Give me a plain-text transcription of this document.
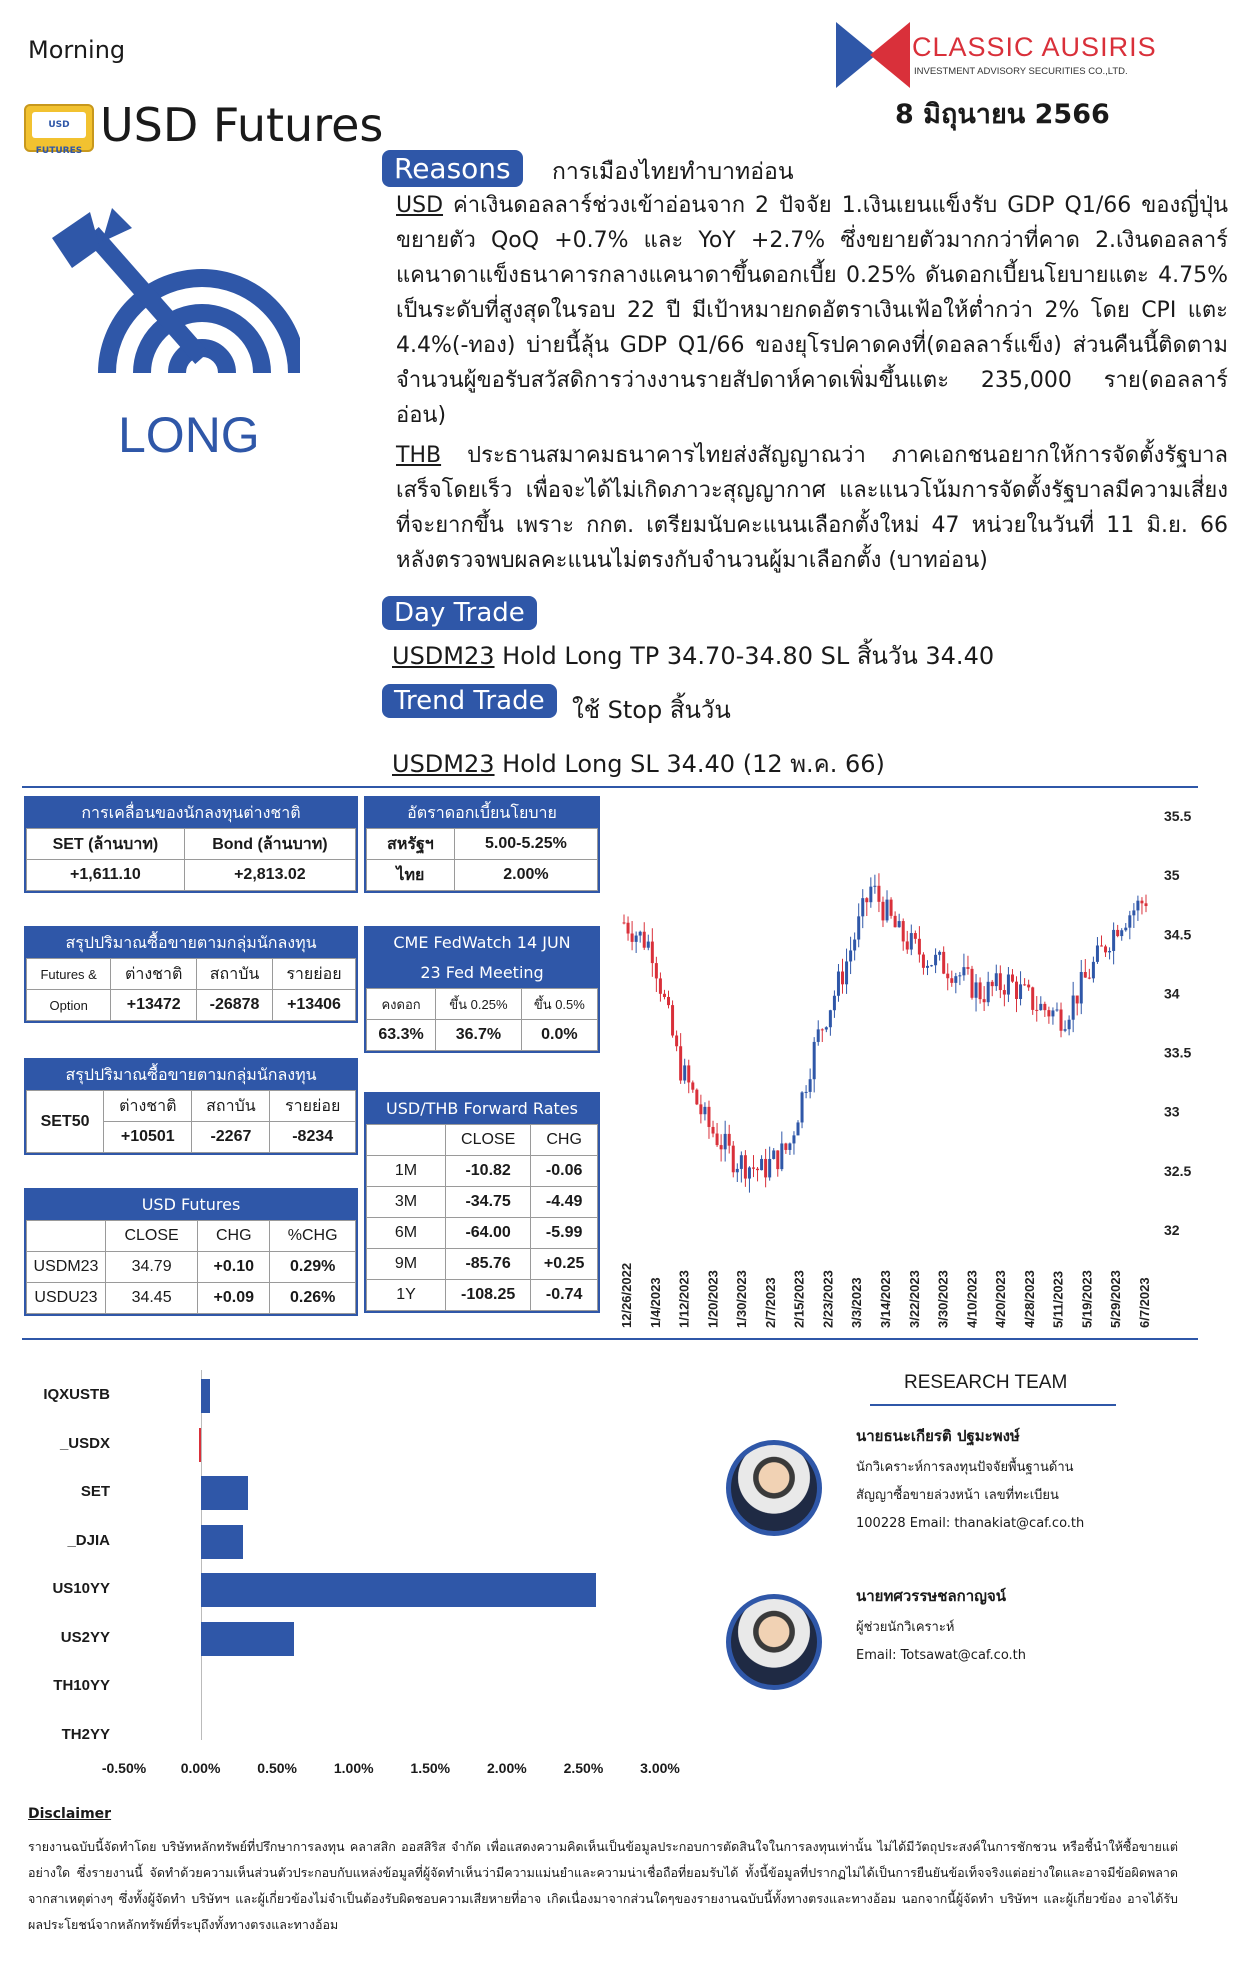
Morning
USD FUTURES USD Futures
CLASSIC AUSIRIS
INVESTMENT ADVISORY SECURITIES CO.,LTD.
8 มิถุนายน 2566
LONG
Reasons	การเมืองไทยทำบาทอ่อน
USD ค่าเงินดอลลาร์ช่วงเข้าอ่อนจาก 2 ปัจจัย 1.เงินเยนแข็งรับ GDP Q1/66 ของญี่ปุ่นขยายตัว QoQ +0.7% และ YoY +2.7% ซึ่งขยายตัวมากกว่าที่คาด 2.เงินดอลลาร์แคนาดาแข็งธนาคารกลางแคนาดาขึ้นดอกเบี้ย 0.25% ดันดอกเบี้ยนโยบายแตะ 4.75% เป็นระดับที่สูงสุดในรอบ 22 ปี มีเป้าหมายกดอัตราเงินเฟ้อให้ต่ำกว่า 2% โดย CPI แตะ 4.4%(-ทอง) บ่ายนี้ลุ้น GDP Q1/66 ของยุโรปคาดคงที่(ดอลลาร์แข็ง) ส่วนคืนนี้ติดตามจำนวนผู้ขอรับสวัสดิการว่างงานรายสัปดาห์คาดเพิ่มขึ้นแตะ 235,000 ราย(ดอลลาร์อ่อน)
THB ประธานสมาคมธนาคารไทยส่งสัญญาณว่า ภาคเอกชนอยากให้การจัดตั้งรัฐบาลเสร็จโดยเร็ว เพื่อจะได้ไม่เกิดภาวะสุญญากาศ และแนวโน้มการจัดตั้งรัฐบาลมีความเสี่ยงที่จะยากขึ้น เพราะ กกต. เตรียมนับคะแนนเลือกตั้งใหม่ 47 หน่วยในวันที่ 11 มิ.ย. 66 หลังตรวจพบผลคะแนนไม่ตรงกับจำนวนผู้มาเลือกตั้ง (บาทอ่อน)
Day Trade
USDM23 Hold Long TP 34.70-34.80 SL สิ้นวัน 34.40
Trend Trade	ใช้ Stop สิ้นวัน
USDM23 Hold Long SL 34.40 (12 พ.ค. 66)
การเคลื่อนของนักลงทุนต่างชาติ
SET (ล้านบาท)	Bond (ล้านบาท)
+1,611.10	+2,813.02
อัตราดอกเบี้ยนโยบาย
สหรัฐฯ	5.00-5.25%
ไทย	2.00%
สรุปปริมาณซื้อขายตามกลุ่มนักลงทุน
Futures &	ต่างชาติ	สถาบัน	รายย่อย
Option	+13472	-26878	+13406
CME FedWatch 14 JUN
23 Fed Meeting
คงดอก	ขึ้น 0.25%	ขึ้น 0.5%
63.3%	36.7%	0.0%
สรุปปริมาณซื้อขายตามกลุ่มนักลงทุน
SET50	ต่างชาติ	สถาบัน	รายย่อย
	+10501	-2267	-8234
USD/THB Forward Rates
	CLOSE	CHG
1M	-10.82	-0.06
3M	-34.75	-4.49
6M	-64.00	-5.99
9M	-85.76	+0.25
1Y	-108.25	-0.74
USD Futures
	CLOSE	CHG	%CHG
USDM23	34.79	+0.10	0.29%
USDU23	34.45	+0.09	0.26%
35.5
35
34.5
34
33.5
33
32.5
32
12/26/2022 1/4/2023 1/12/2023 1/20/2023 1/30/2023 2/7/2023 2/15/2023 2/23/2023 3/3/2023 3/14/2023 3/22/2023 3/30/2023 4/10/2023 4/20/2023 4/28/2023 5/11/2023 5/19/2023 5/29/2023 6/7/2023
IQXUSTB
_USDX
SET
_DJIA
US10YY
US2YY
TH10YY
TH2YY
-0.50% 0.00%	0.50%	1.00%	1.50%	2.00%	2.50%	3.00%
RESEARCH TEAM
นายธนะเกียรติ ปฐมะพงษ์
นักวิเคราะห์การลงทุนปัจจัยพื้นฐานด้าน
สัญญาซื้อขายล่วงหน้า เลขที่ทะเบียน
100228 Email: thanakiat@caf.co.th
นายทศวรรษชลกาญจน์
ผู้ช่วยนักวิเคราะห์
Email: Totsawat@caf.co.th
Disclaimer
รายงานฉบับนี้จัดทำโดย บริษัทหลักทรัพย์ที่ปรึกษาการลงทุน คลาสสิก ออสสิริส จำกัด เพื่อแสดงความคิดเห็นเป็นข้อมูลประกอบการตัดสินใจในการลงทุนเท่านั้น ไม่ได้มีวัตถุประสงค์ในการชักชวน หรือชี้นำให้ซื้อขายแต่อย่างใด ซึ่งรายงานนี้ จัดทำด้วยความเห็นส่วนตัวประกอบกับแหล่งข้อมูลที่ผู้จัดทำเห็นว่ามีความแม่นยำและความน่าเชื่อถือที่ยอมรับได้ ทั้งนี้ข้อมูลที่ปรากฏไม่ได้เป็นการยืนยันข้อเท็จจริงแต่อย่างใดและอาจมีข้อผิดพลาดจากสาเหตุต่างๆ ซึ่งทั้งผู้จัดทำ บริษัทฯ และผู้เกี่ยวข้องไม่จำเป็นต้องรับผิดชอบความเสียหายที่อาจ เกิดเนื่องมาจากส่วนใดๆของรายงานฉบับนี้ทั้งทางตรงและทางอ้อม นอกจากนี้ผู้จัดทำ บริษัทฯ และผู้เกี่ยวข้อง อาจได้รับผลประโยชน์จากหลักทรัพย์ที่ระบุถึงทั้งทางตรงและทางอ้อม
